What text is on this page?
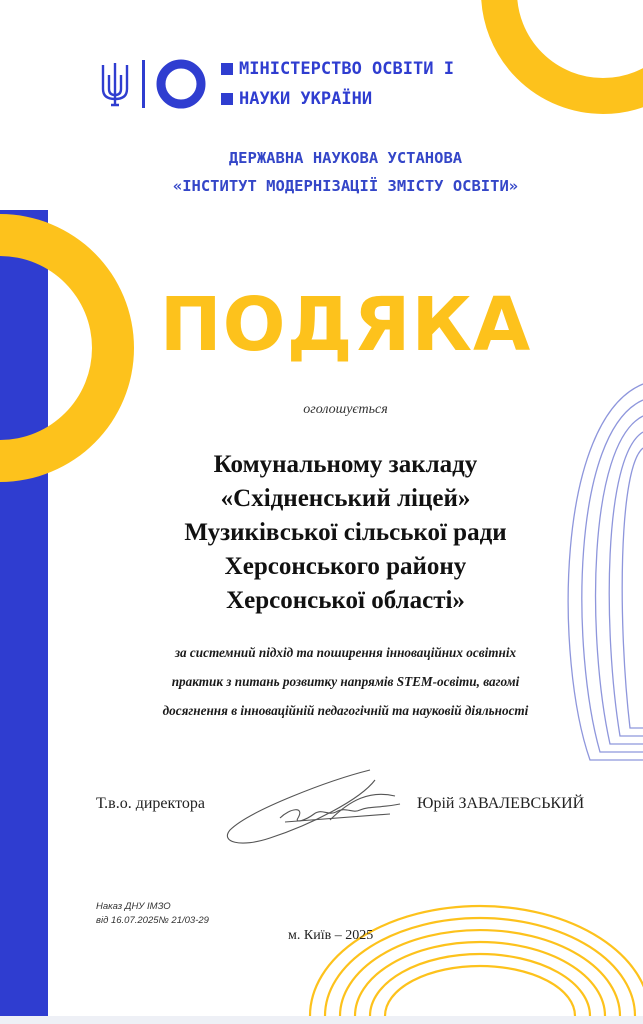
МІНІСТЕРСТВО ОСВІТИ І
НАУКИ УКРАЇНИ
ДЕРЖАВНА НАУКОВА УСТАНОВА
«ІНСТИТУТ МОДЕРНІЗАЦІЇ ЗМІСТУ ОСВІТИ»
ПОДЯКА
оголошується
Комунальному закладу
«Східненський ліцей»
Музиківської сільської ради
Херсонського району
Херсонської області»
за системний підхід та поширення інноваційних освітніх
практик з питань розвитку напрямів STEM-освіти, вагомі
досягнення в інноваційній педагогічній та науковій діяльності
Т.в.о. директора	Юрій ЗАВАЛЕВСЬКИЙ
Наказ ДНУ ІМЗО
від 16.07.2025№ 21/03-29
м. Київ – 2025
